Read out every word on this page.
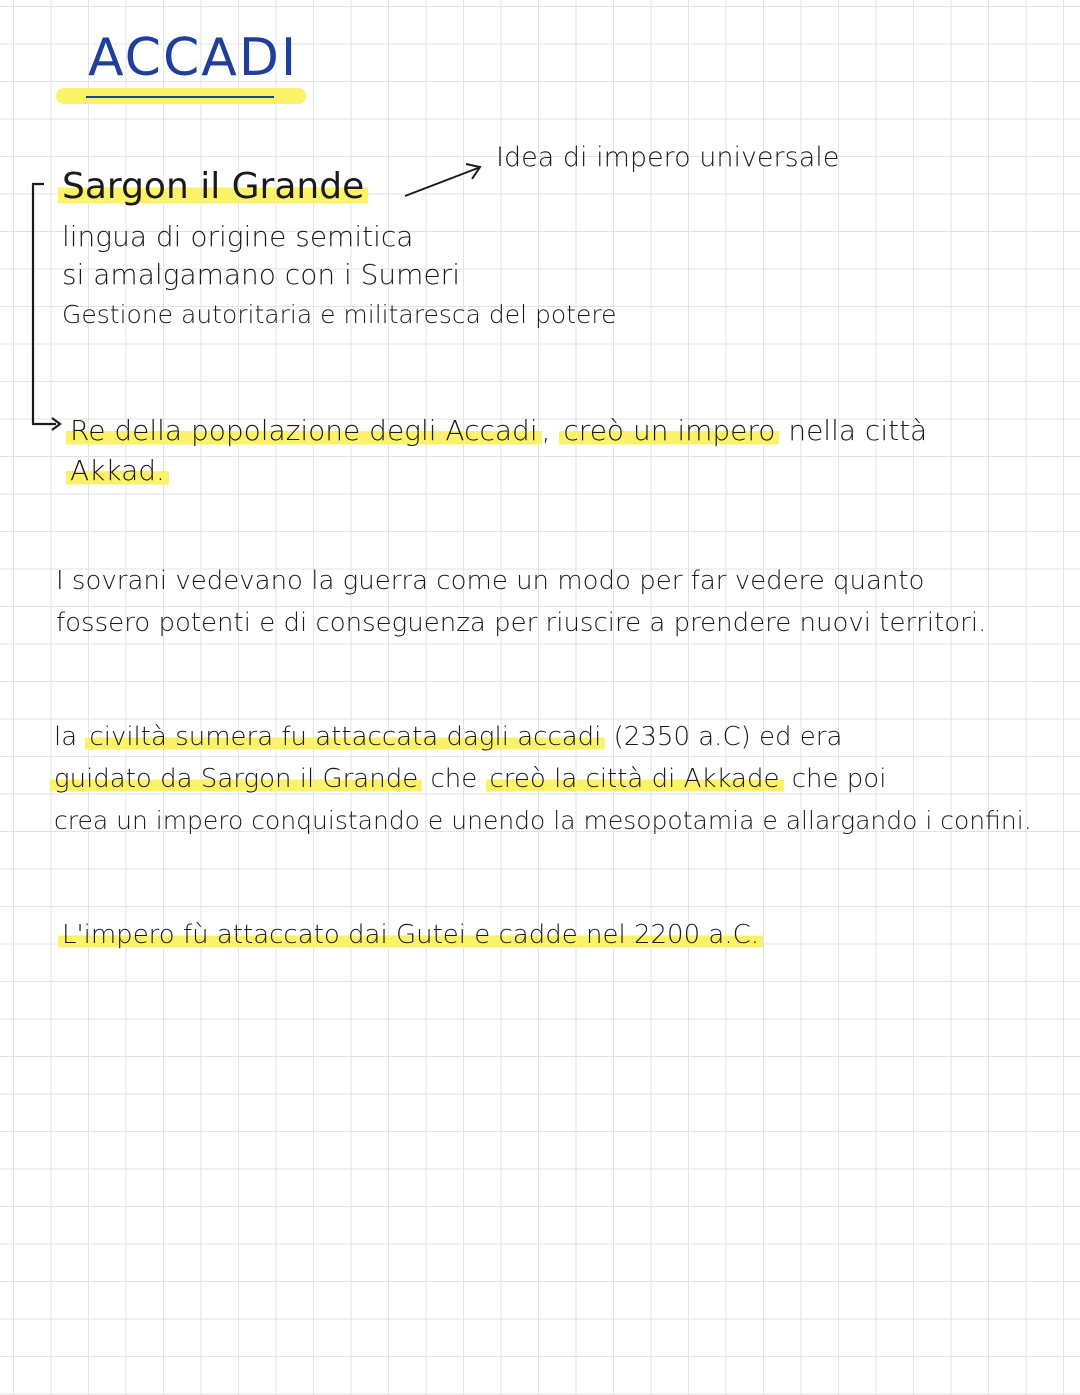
ACCADI
Idea di impero universale
Sargon il Grande
lingua di origine semitica
si amalgamano con i Sumeri
Gestione autoritaria e militaresca del potere
Re della popolazione degli Accadi , creò un impero nella città
Akkad.
I sovrani vedevano la guerra come un modo per far vedere quanto
fossero potenti e di conseguenza per riuscire a prendere nuovi territori.
la civiltà sumera fu attaccata dagli accadi (2350 a.C) ed era
guidato da Sargon il Grande che creò la città di Akkade che poi
crea un impero conquistando e unendo la mesopotamia e allargando i confini.
L'impero fù attaccato dai Gutei e cadde nel 2200 a.C.
